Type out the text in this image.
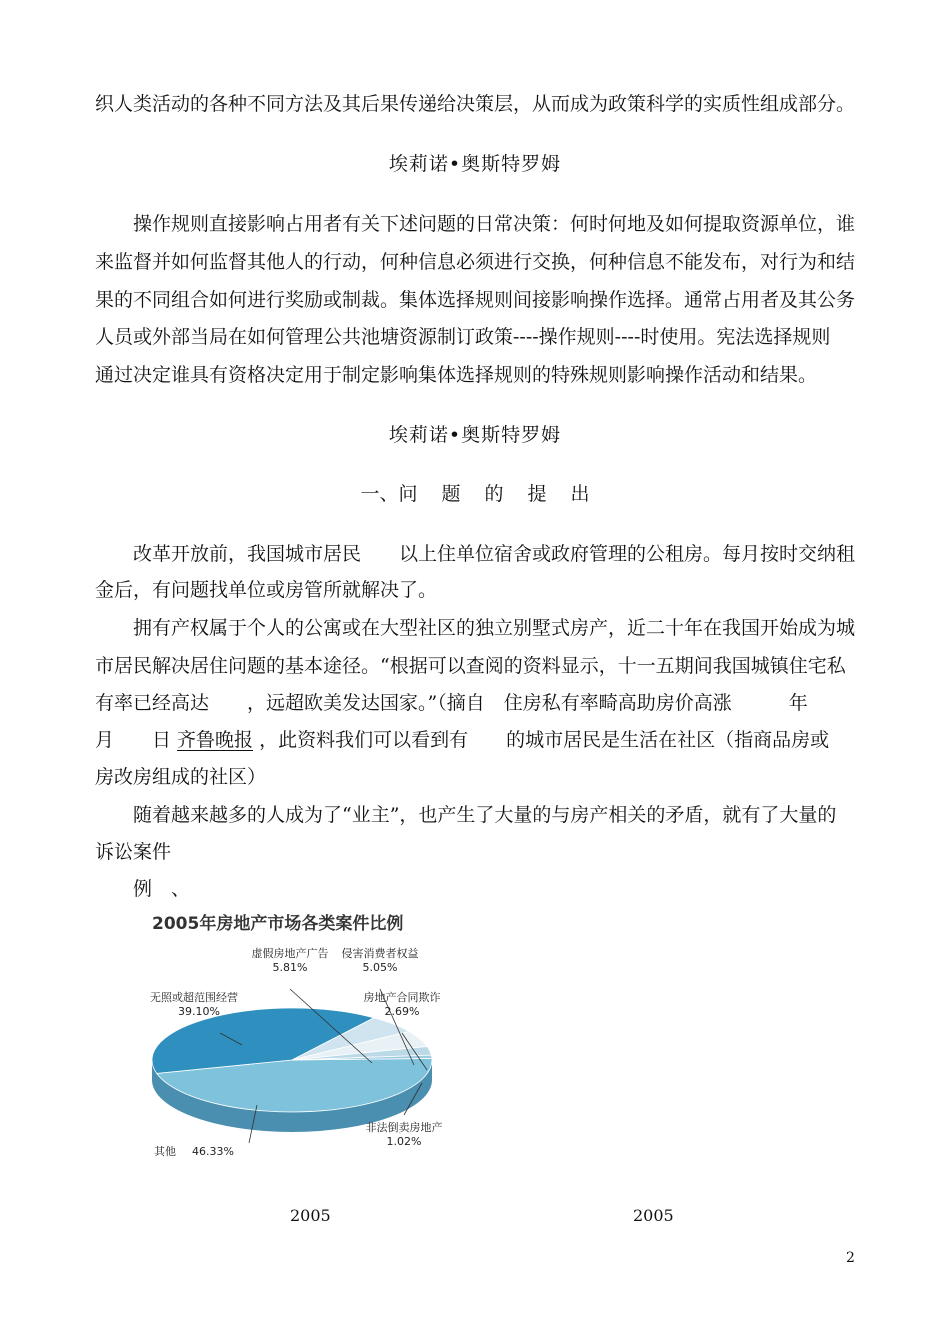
织人类活动的各种不同方法及其后果传递给决策层，从而成为政策科学的实质性组成部分。
埃莉诺•奥斯特罗姆
操作规则直接影响占用者有关下述问题的日常决策：何时何地及如何提取资源单位，谁
来监督并如何监督其他人的行动，何种信息必须进行交换，何种信息不能发布，对行为和结
果的不同组合如何进行奖励或制裁。集体选择规则间接影响操作选择。通常占用者及其公务
人员或外部当局在如何管理公共池塘资源制订政策----操作规则----时使用。宪法选择规则
通过决定谁具有资格决定用于制定影响集体选择规则的特殊规则影响操作活动和结果。
埃莉诺•奥斯特罗姆
一、问 题 的 提 出
改革开放前，我国城市居民　　以上住单位宿舍或政府管理的公租房。每月按时交纳租
金后，有问题找单位或房管所就解决了。
拥有产权属于个人的公寓或在大型社区的独立别墅式房产，近二十年在我国开始成为城
市居民解决居住问题的基本途径。“根据可以查阅的资料显示，十一五期间我国城镇住宅私
有率已经高达　　，远超欧美发达国家。”（摘自　住房私有率畸高助房价高涨　　　年
月　　日 齐鲁晚报 ，此资料我们可以看到有　　的城市居民是生活在社区（指商品房或
房改房组成的社区）
随着越来越多的人成为了“业主”，也产生了大量的与房产相关的矛盾，就有了大量的
诉讼案件
例　、
2005年房地产市场各类案件比例
其他 46.33%
无照或超范围经营
39.10%
虚假房地产广告
5.81%
侵害消费者权益
5.05%
房地产合同欺诈
2.69%
非法倒卖房地产
1.02%
2005	2005
2
